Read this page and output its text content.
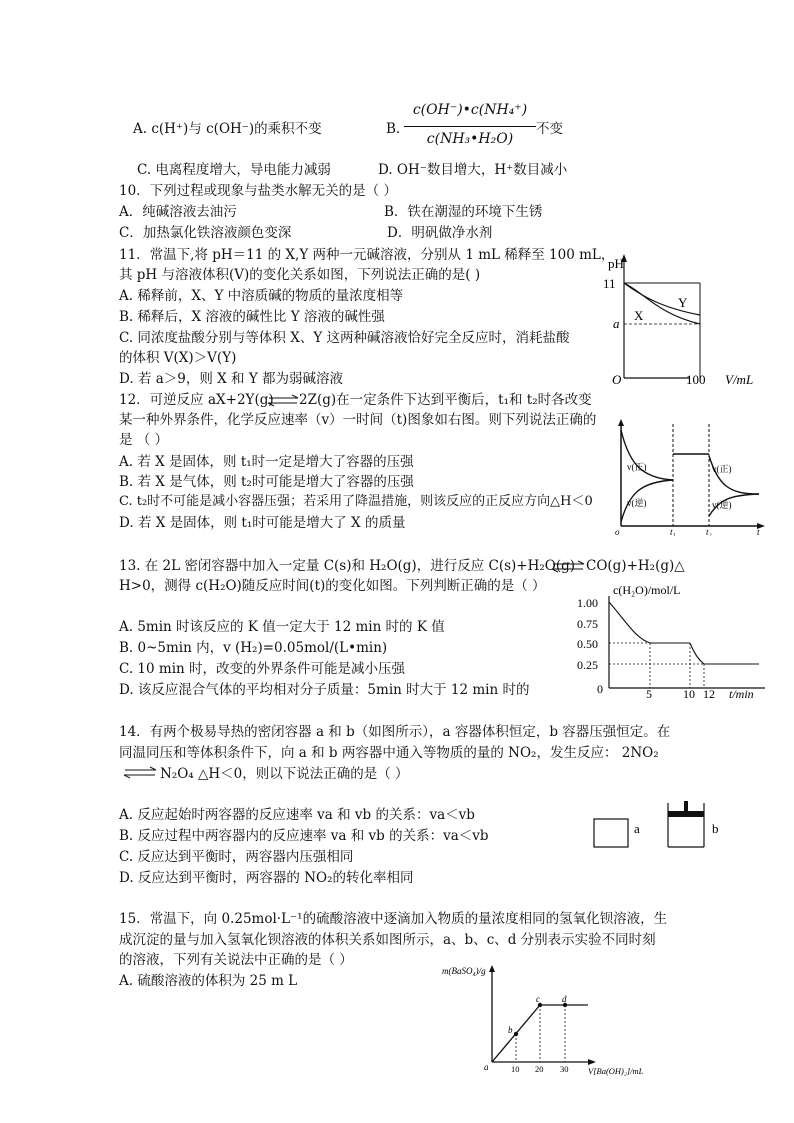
A. c(H⁺)与 c(OH⁻)的乘积不变	B.
c(OH⁻)•c(NH₄⁺)
c(NH₃•H₂O)
不变
C. 电离程度增大，导电能力减弱	D. OH⁻数目增大，H⁺数目减小
10．下列过程或现象与盐类水解无关的是（ ）
A．纯碱溶液去油污	B．铁在潮湿的环境下生锈
C．加热氯化铁溶液颜色变深	D．明矾做净水剂
11．常温下,将 pH＝11 的 X,Y 两种一元碱溶液，分别从 1 mL 稀释至 100 mL，
其 pH 与溶液体积(V)的变化关系如图，下列说法正确的是( )
A. 稀释前，X、Y 中溶质碱的物质的量浓度相等
B. 稀释后，X 溶液的碱性比 Y 溶液的碱性强
C. 同浓度盐酸分别与等体积 X、Y 这两种碱溶液恰好完全反应时，消耗盐酸
的体积 V(X)＞V(Y)
D. 若 a＞9，则 X 和 Y 都为弱碱溶液
pH
11
a
O	100 V/mL
X
Y
12．可逆反应 aX+2Y(g) 2Z(g)在一定条件下达到平衡后，t₁和 t₂时各改变
某一种外界条件，化学反应速率（v）一时间（t)图象如右图。则下列说法正确的
是 （ ）
A. 若 X 是固体，则 t₁时一定是增大了容器的压强
B. 若 X 是气体，则 t₂时可能是增大了容器的压强
C. t₂时不可能是减小容器压强；若采用了降温措施，则该反应的正反应方向△H＜0
D. 若 X 是固体，则 t₁时可能是增大了 X 的质量
v(正)
v(逆)
v(正)
v(逆)
o	t₁	t₂	t
13. 在 2L 密闭容器中加入一定量 C(s)和 H₂O(g)，进行反应 C(s)+H₂O(g) CO(g)+H₂(g)△
H>0，测得 c(H₂O)随反应时间(t)的变化如图。下列判断正确的是（ ）
A. 5min 时该反应的 K 值一定大于 12 min 时的 K 值
B. 0~5min 内，v (H₂)=0.05mol/(L•min)
C. 10 min 时，改变的外界条件可能是减小压强
D. 该反应混合气体的平均相对分子质量：5min 时大于 12 min 时的
c(H₂O)/mol/L
1.00
0.75
0.50
0.25
0	5	10 12 t/min
14．有两个极易导热的密闭容器 a 和 b（如图所示），a 容器体积恒定，b 容器压强恒定。在
同温同压和等体积条件下，向 a 和 b 两容器中通入等物质的量的 NO₂，发生反应： 2NO₂
N₂O₄ △H＜0，则以下说法正确的是（ ）
A. 反应起始时两容器的反应速率 va 和 vb 的关系：va＜vb
B. 反应过程中两容器内的反应速率 va 和 vb 的关系：va＜vb
C. 反应达到平衡时，两容器内压强相同
D. 反应达到平衡时，两容器的 NO₂的转化率相同
a	b
15．常温下，向 0.25mol·L⁻¹的硫酸溶液中逐滴加入物质的量浓度相同的氢氧化钡溶液，生
成沉淀的量与加入氢氧化钡溶液的体积关系如图所示，a、b、c、d 分别表示实验不同时刻
的溶液，下列有关说法中正确的是（ ）
A. 硫酸溶液的体积为 25 m L
m(BaSO₄)/g
a
b
c d
10 20 30 V[Ba(OH)₂]/mL
